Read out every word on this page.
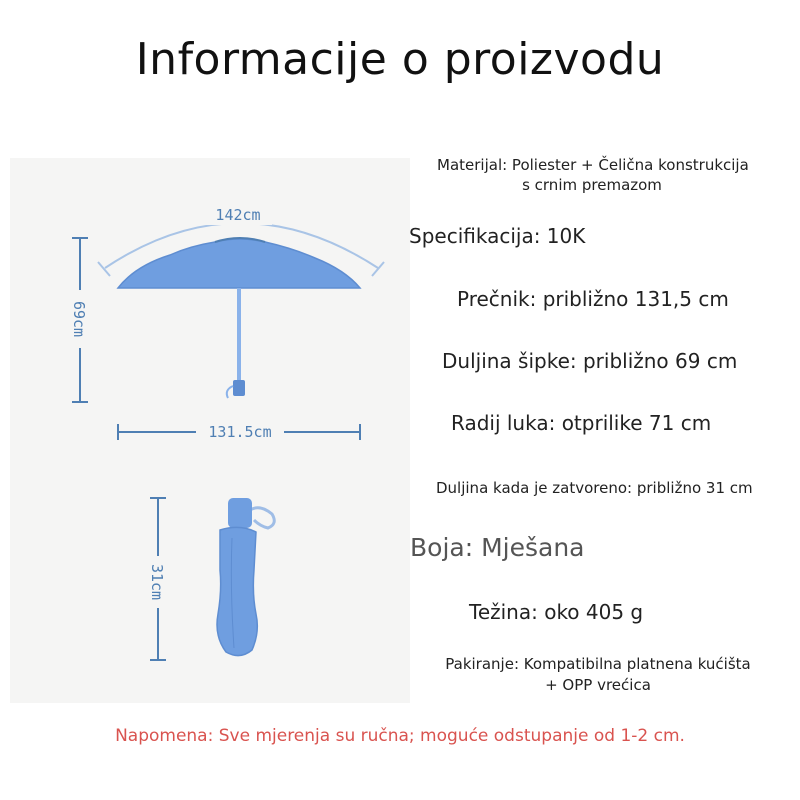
Informacije o proizvodu
142cm
69cm
131.5cm
31cm
Materijal: Poliester + Čelična konstrukcija
s crnim premazom
Specifikacija: 10K
Prečnik: približno 131,5 cm
Duljina šipke: približno 69 cm
Radij luka: otprilike 71 cm
Duljina kada je zatvoreno: približno 31 cm
Boja: Mješana
Težina: oko 405 g
Pakiranje: Kompatibilna platnena kućišta
+ OPP vrećica
Napomena: Sve mjerenja su ručna; moguće odstupanje od 1-2 cm.
